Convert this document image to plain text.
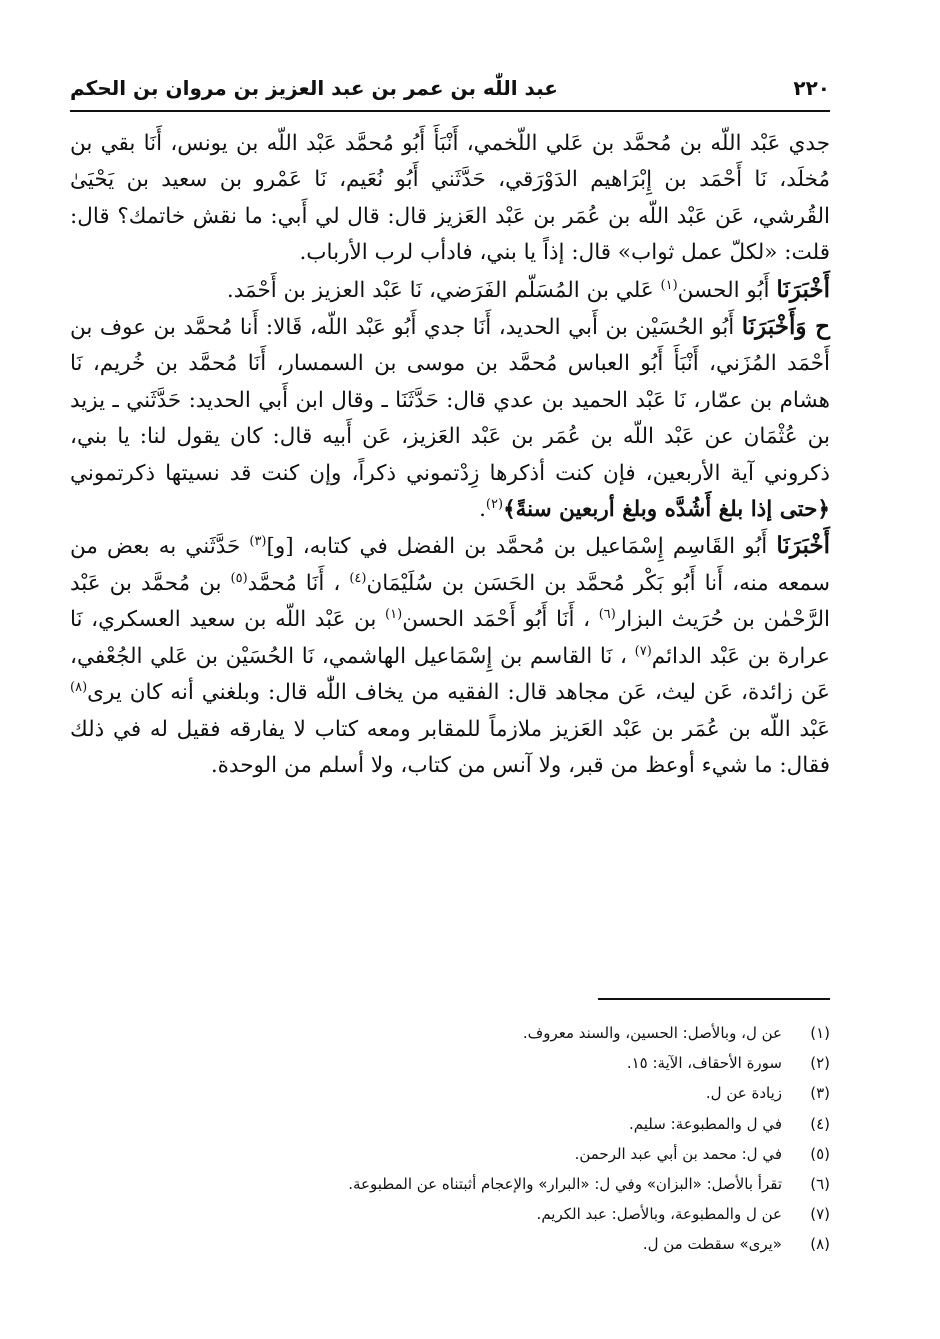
٢٢٠
عبد اللّٰه بن عمر بن عبد العزيز بن مروان بن الحكم

جدي عَبْد اللّه بن مُحمَّد بن عَلي اللّخمي، أَنْبَأَ أَبُو مُحمَّد عَبْد اللّه بن يونس، أَنَا بقي بن مُخلَد، نَا أَحْمَد بن إِبْرَاهيم الدَوْرَقي، حَدَّثَني أَبُو نُعَيم، نَا عَمْرو بن سعيد بن يَحْيَىٰ القُرشي، عَن عَبْد اللّه بن عُمَر بن عَبْد العَزيز قال: قال لي أَبي: ما نقش خاتمك؟ قال: قلت: «لكلّ عمل ثواب» قال: إذاً يا بني، فادأب لرب الأرباب.

أَخْبَرَنَا أَبُو الحسن$^{(١)}$ عَلي بن المُسَلّم الفَرَضي، نَا عَبْد العزيز بن أَحْمَد.

ح وَأَخْبَرَنَا أَبُو الحُسَيْن بن أَبي الحديد، أَنَا جدي أَبُو عَبْد اللّه، قَالا: أَنا مُحمَّد بن عوف بن أَحْمَد المُزَني، أَنْبَأَ أَبُو العباس مُحمَّد بن موسى بن السمسار، أَنَا مُحمَّد بن خُريم، نَا هشام بن عمّار، نَا عَبْد الحميد بن عدي قال: حَدَّثَنَا ـ وقال ابن أَبي الحديد: حَدَّثَني ـ يزيد بن عُثْمَان عن عَبْد اللّه بن عُمَر بن عَبْد العَزيز، عَن أَبيه قال: كان يقول لنا: يا بني، ذكروني آية الأربعين، فإن كنت أذكرها زِدْتموني ذكراً، وإن كنت قد نسيتها ذكرتموني ﴿حتى إذا بلغ أَشُدَّه وبلغ أربعين سنةً﴾$^{(٢)}$.

أَخْبَرَنَا أَبُو القَاسِم إِسْمَاعيل بن مُحمَّد بن الفضل في كتابه، [و]$^{(٣)}$ حَدَّثَني به بعض من سمعه منه، أَنا أَبُو بَكْر مُحمَّد بن الحَسَن بن سُلَيْمَان$^{(٤)}$ ، أَنَا مُحمَّد$^{(٥)}$ بن مُحمَّد بن عَبْد الرَّحْمٰن بن حُرَيث البزار$^{(٦)}$ ، أَنَا أَبُو أَحْمَد الحسن$^{(١)}$ بن عَبْد اللّه بن سعيد العسكري، نَا عرارة بن عَبْد الدائم$^{(٧)}$ ، نَا القاسم بن إِسْمَاعيل الهاشمي، نَا الحُسَيْن بن عَلي الجُعْفي، عَن زائدة، عَن ليث، عَن مجاهد قال: الفقيه من يخاف اللّٰه قال: وبلغني أنه كان يرى$^{(٨)}$ عَبْد اللّه بن عُمَر بن عَبْد العَزيز ملازماً للمقابر ومعه كتاب لا يفارقه فقيل له في ذلك فقال: ما شيء أوعظ من قبر، ولا آنس من كتاب، ولا أسلم من الوحدة.

(١)
عن ل، وبالأصل: الحسين، والسند معروف.
(٢)
سورة الأحقاف، الآية: ١٥.
(٣)
زيادة عن ل.
(٤)
في ل والمطبوعة: سليم.
(٥)
في ل: محمد بن أبي عبد الرحمن.
(٦)
تقرأ بالأصل: «البزان» وفي ل: «البرار» والإعجام أثبتناه عن المطبوعة.
(٧)
عن ل والمطبوعة، وبالأصل: عبد الكريم.
(٨)
«يرى» سقطت من ل.
